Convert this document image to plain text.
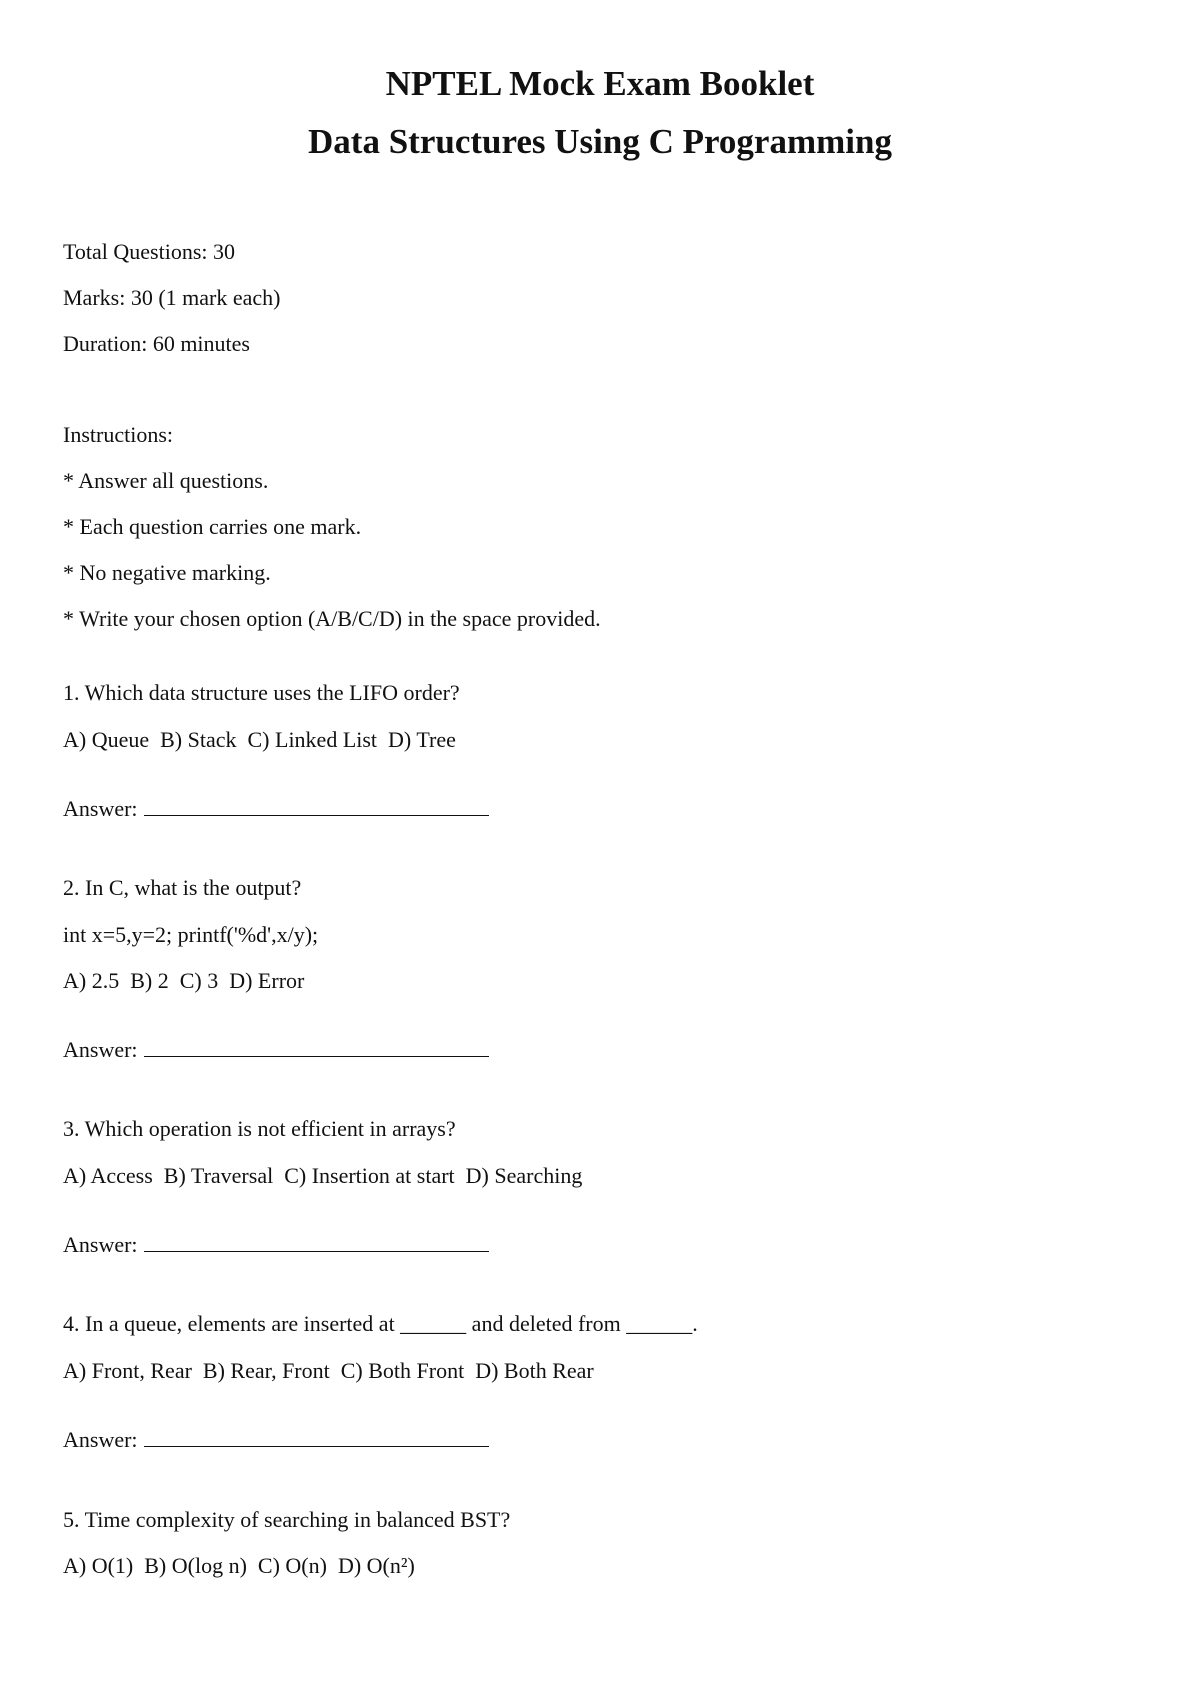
NPTEL Mock Exam Booklet
Data Structures Using C Programming

Total Questions: 30

Marks: 30 (1 mark each)

Duration: 60 minutes

Instructions:

* Answer all questions.

* Each question carries one mark.

* No negative marking.

* Write your chosen option (A/B/C/D) in the space provided.

1. Which data structure uses the LIFO order?

A) Queue  B) Stack  C) Linked List  D) Tree

Answer:

2. In C, what is the output?

int x=5,y=2; printf('%d',x/y);

A) 2.5  B) 2  C) 3  D) Error

Answer:

3. Which operation is not efficient in arrays?

A) Access  B) Traversal  C) Insertion at start  D) Searching

Answer:

4. In a queue, elements are inserted at ______ and deleted from ______.

A) Front, Rear  B) Rear, Front  C) Both Front  D) Both Rear

Answer:

5. Time complexity of searching in balanced BST?

A) O(1)  B) O(log n)  C) O(n)  D) O(n²)
